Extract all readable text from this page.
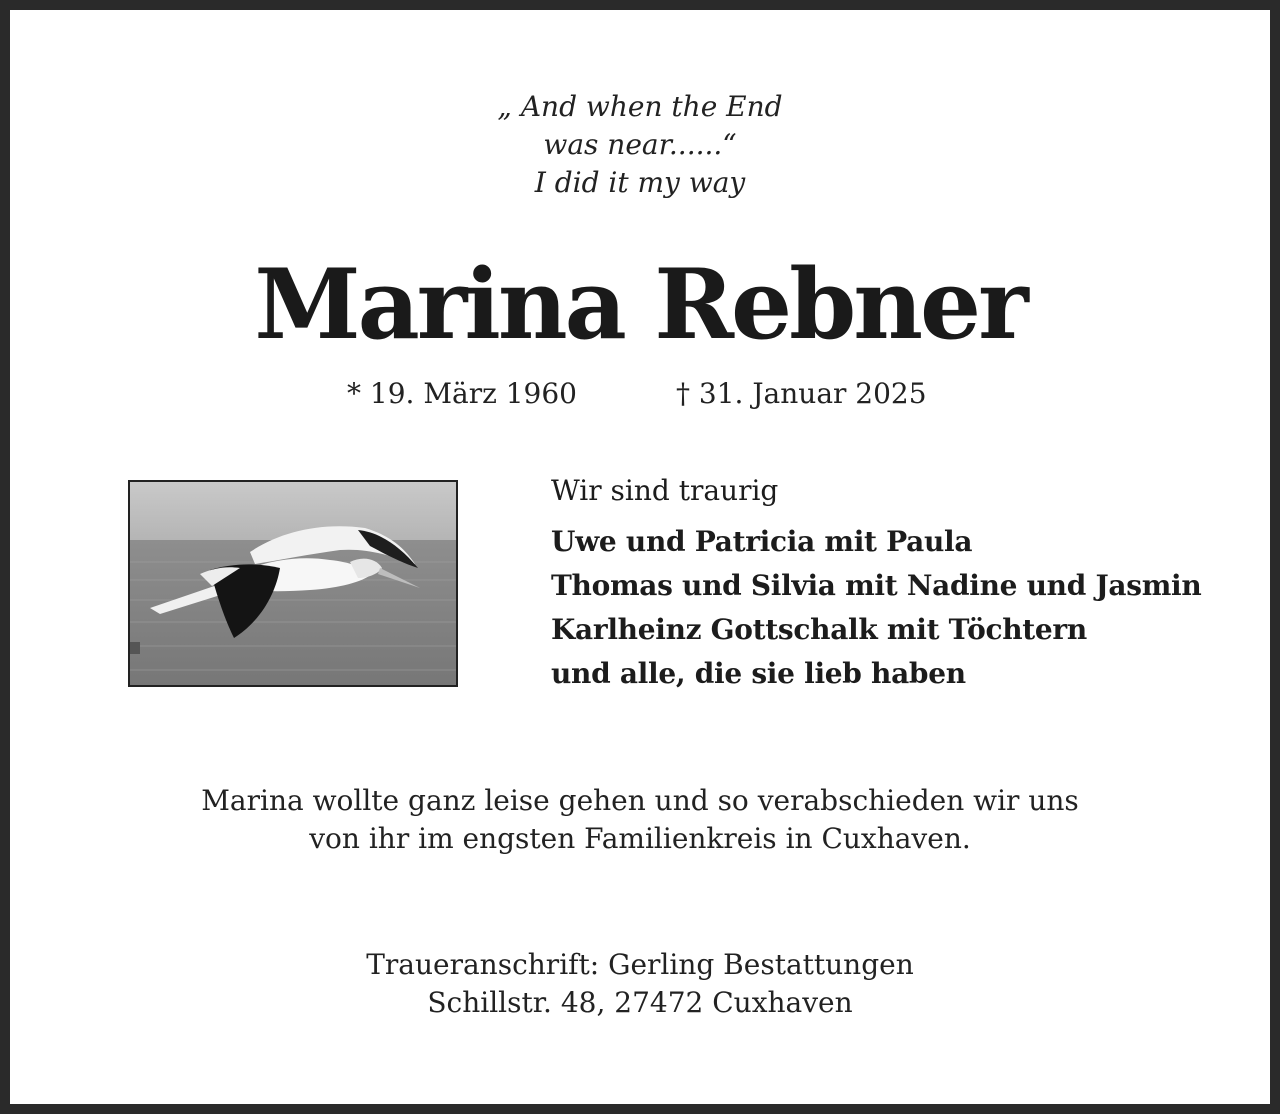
„ And when the End
was near......“
I did it my way
Marina Rebner
* 19. März 1960	† 31. Januar 2025
Wir sind traurig
Uwe und Patricia mit Paula
Thomas und Silvia mit Nadine und Jasmin
Karlheinz Gottschalk mit Töchtern
und alle, die sie lieb haben
Marina wollte ganz leise gehen und so verabschieden wir uns
von ihr im engsten Familienkreis in Cuxhaven.
Traueranschrift: Gerling Bestattungen
Schillstr. 48, 27472 Cuxhaven
